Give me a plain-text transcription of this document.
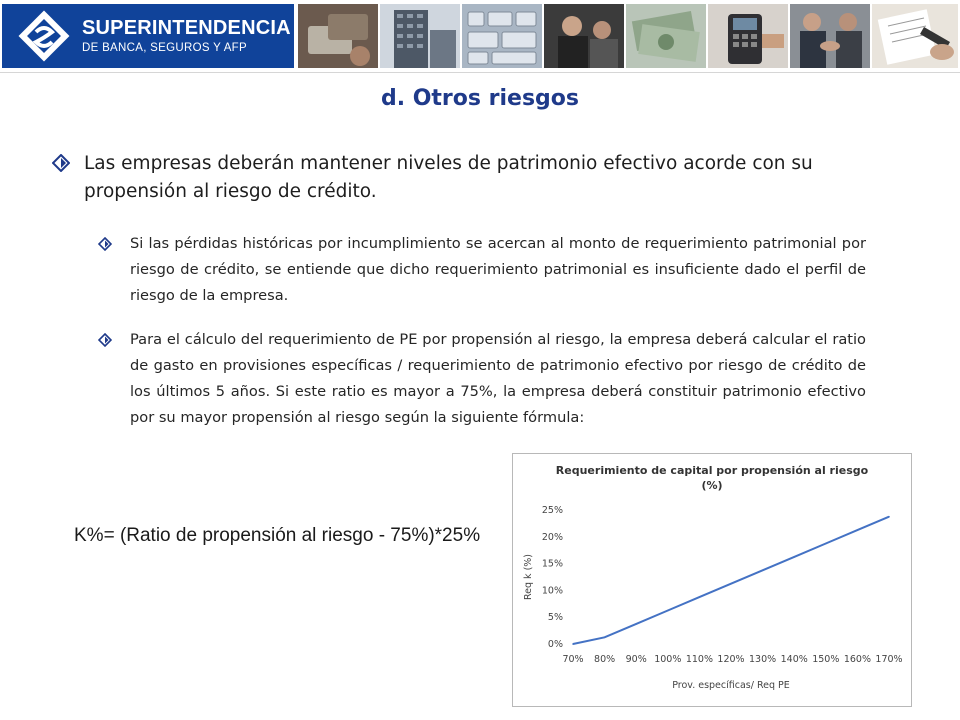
SUPERINTENDENCIA
DE BANCA, SEGUROS Y AFP
d. Otros riesgos
Las empresas deberán mantener niveles de patrimonio efectivo acorde con su propensión al riesgo de crédito.
Si las pérdidas históricas por incumplimiento se acercan al monto de requerimiento patrimonial por riesgo de crédito, se entiende que dicho requerimiento patrimonial es insuficiente dado el perfil de riesgo de la empresa.
Para el cálculo del requerimiento de PE por propensión al riesgo, la empresa deberá calcular el ratio de gasto en provisiones específicas / requerimiento de patrimonio efectivo por riesgo de crédito de los últimos 5 años. Si este ratio es mayor a 75%, la empresa deberá constituir patrimonio efectivo por su mayor propensión al riesgo según la siguiente fórmula:
K%= (Ratio de propensión al riesgo - 75%)*25%
Requerimiento de capital por propensión al riesgo
(%)
0%
5%
10%
15%
20%
25%
70% 80% 90% 100% 110% 120% 130% 140% 150% 160% 170%
Prov. específicas/ Req PE
Req k (%)
